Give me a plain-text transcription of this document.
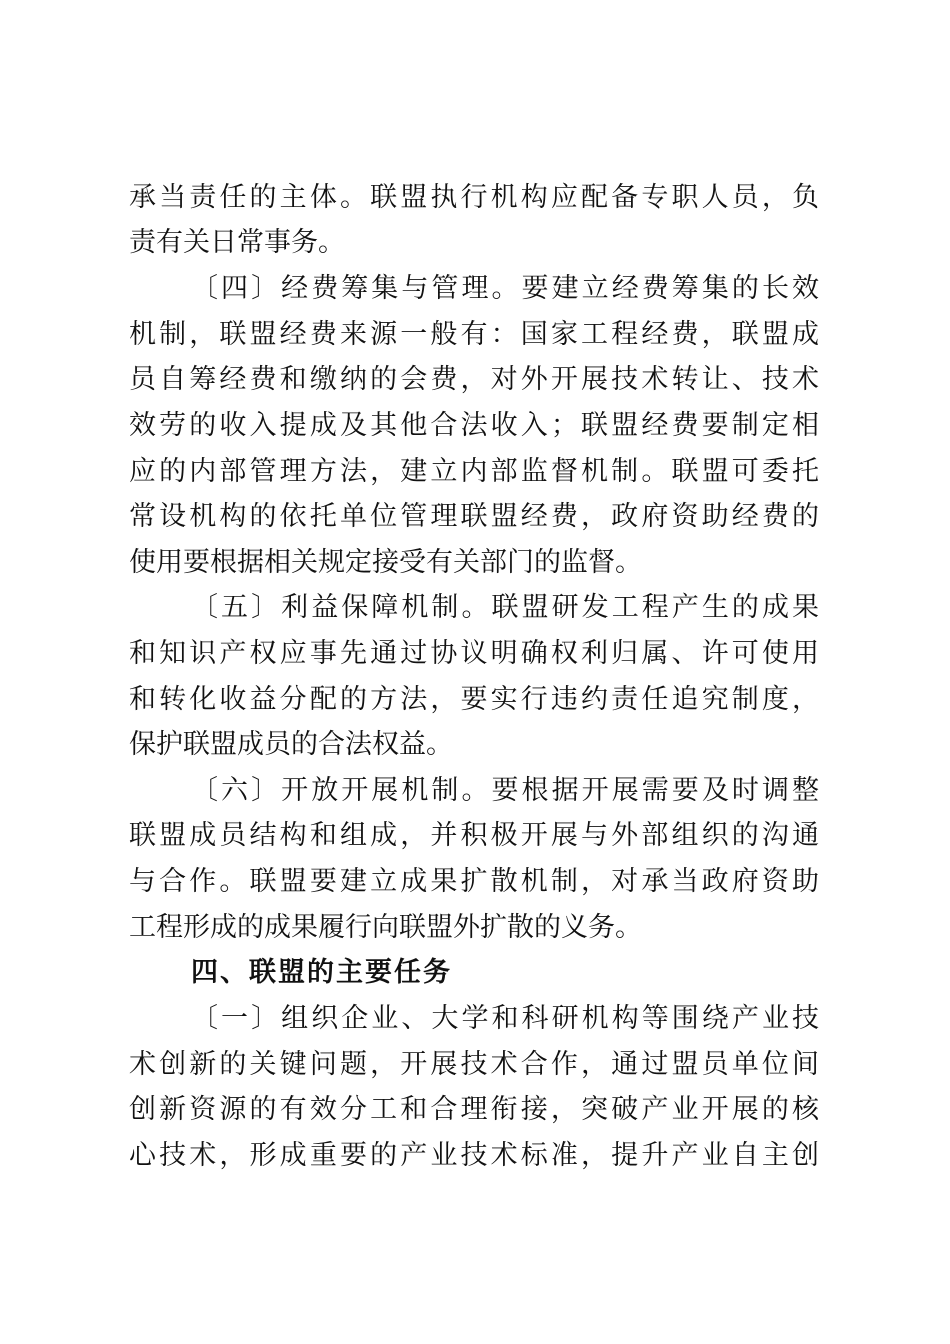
承当责任的主体。联盟执行机构应配备专职人员，负
责有关日常事务。
〔四〕经费筹集与管理。要建立经费筹集的长效
机制，联盟经费来源一般有：国家工程经费，联盟成
员自筹经费和缴纳的会费，对外开展技术转让、技术
效劳的收入提成及其他合法收入；联盟经费要制定相
应的内部管理方法，建立内部监督机制。联盟可委托
常设机构的依托单位管理联盟经费，政府资助经费的
使用要根据相关规定接受有关部门的监督。
〔五〕利益保障机制。联盟研发工程产生的成果
和知识产权应事先通过协议明确权利归属、许可使用
和转化收益分配的方法，要实行违约责任追究制度，
保护联盟成员的合法权益。
〔六〕开放开展机制。要根据开展需要及时调整
联盟成员结构和组成，并积极开展与外部组织的沟通
与合作。联盟要建立成果扩散机制，对承当政府资助
工程形成的成果履行向联盟外扩散的义务。
四、联盟的主要任务
〔一〕组织企业、大学和科研机构等围绕产业技
术创新的关键问题，开展技术合作，通过盟员单位间
创新资源的有效分工和合理衔接，突破产业开展的核
心技术，形成重要的产业技术标准，提升产业自主创
